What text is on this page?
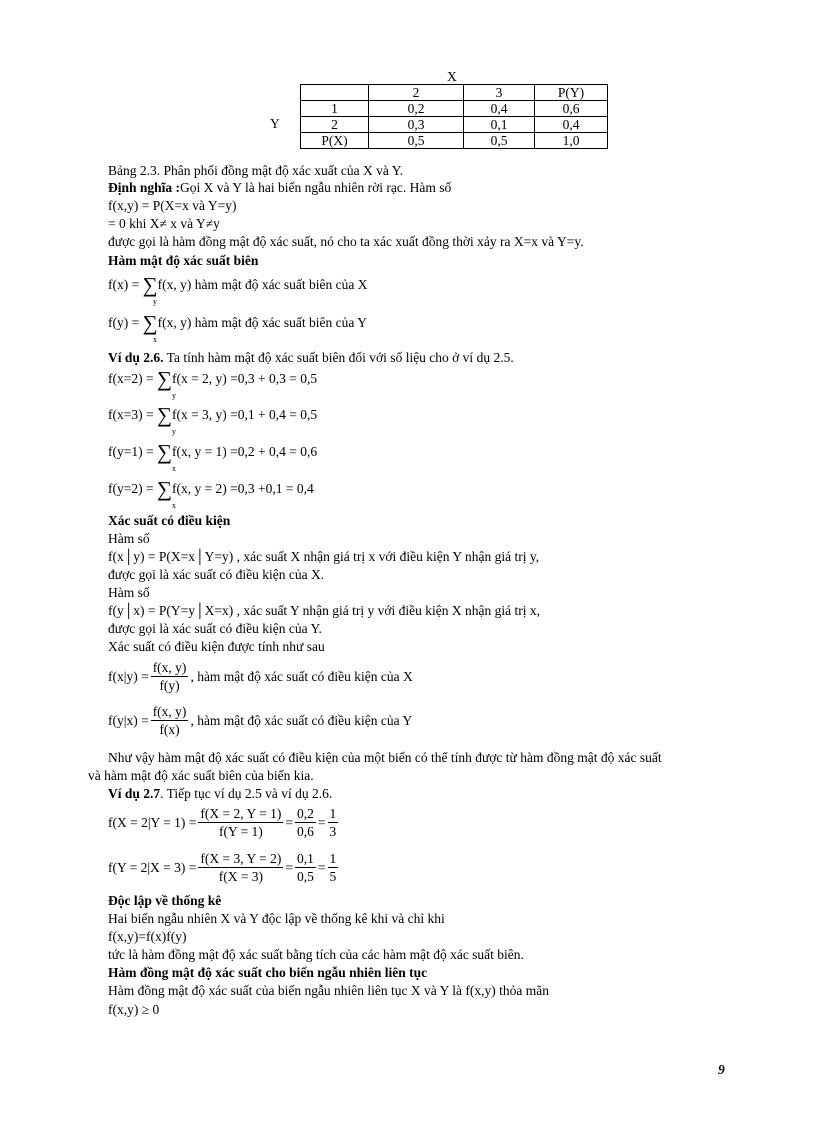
X
Y
	2	3	P(Y)
1	0,2	0,4	0,6
2	0,3	0,1	0,4
P(X)	0,5	0,5	1,0
Bảng 2.3. Phân phối đồng mật độ xác xuất của X và Y.
Định nghĩa :Gọi X và Y là hai biến ngẫu nhiên rời rạc. Hàm số
f(x,y) = P(X=x và Y=y)
= 0 khi X≠ x và Y≠y
được gọi là hàm đồng mật độ xác suất, nó cho ta xác xuất đồng thời xảy ra X=x và Y=y.
Hàm mật độ xác suất biên
f(x) = ∑f(x, y) hàm mật độ xác suất biên của X
y
f(y) = ∑f(x, y) hàm mật độ xác suất biên của Y
x
Ví dụ 2.6. Ta tính hàm mật độ xác suất biên đối với số liệu cho ở ví dụ 2.5.
f(x=2) = ∑f(x = 2, y) =0,3 + 0,3 = 0,5
y
f(x=3) = ∑f(x = 3, y) =0,1 + 0,4 = 0,5
y
f(y=1) = ∑f(x, y = 1) =0,2 + 0,4 = 0,6
x
f(y=2) = ∑f(x, y = 2) =0,3 +0,1 = 0,4
x
Xác suất có điều kiện
Hàm số
f(x│y) = P(X=x│Y=y) , xác suất X nhận giá trị x với điều kiện Y nhận giá trị y,
được gọi là xác suất có điều kiện của X.
Hàm số
f(y│x) = P(Y=y│X=x) , xác suất Y nhận giá trị y với điều kiện X nhận giá trị x,
được gọi là xác suất có điều kiện của Y.
Xác suất có điều kiện được tính như sau
$f(x|y) = \frac{f(x, y)}{f(y)}$ , hàm mật độ xác suất có điều kiện của X
$f(y|x) = \frac{f(x, y)}{f(x)}$ , hàm mật độ xác suất có điều kiện của Y
Như vậy hàm mật độ xác suất có điều kiện của một biến có thể tính được từ hàm đồng mật độ xác suất
và hàm mật độ xác suất biên của biến kia.
Ví dụ 2.7. Tiếp tục ví dụ 2.5 và ví dụ 2.6.
$f(X = 2|Y = 1) = \frac{f(X = 2, Y = 1)}{f(Y = 1)} = \frac{0,2}{0,6} = \frac{1}{3}$
$f(Y = 2|X = 3) = \frac{f(X = 3, Y = 2)}{f(X = 3)} = \frac{0,1}{0,5} = \frac{1}{5}$
Độc lập về thống kê
Hai biến ngẫu nhiên X và Y độc lập về thống kê khi và chỉ khi
f(x,y)=f(x)f(y)
tức là hàm đồng mật độ xác suất bằng tích của các hàm mật độ xác suất biên.
Hàm đồng mật độ xác suất cho biến ngẫu nhiên liên tục
Hàm đồng mật độ xác suất của biến ngẫu nhiên liên tục X và Y là f(x,y) thỏa mãn
f(x,y) ≥ 0
9
